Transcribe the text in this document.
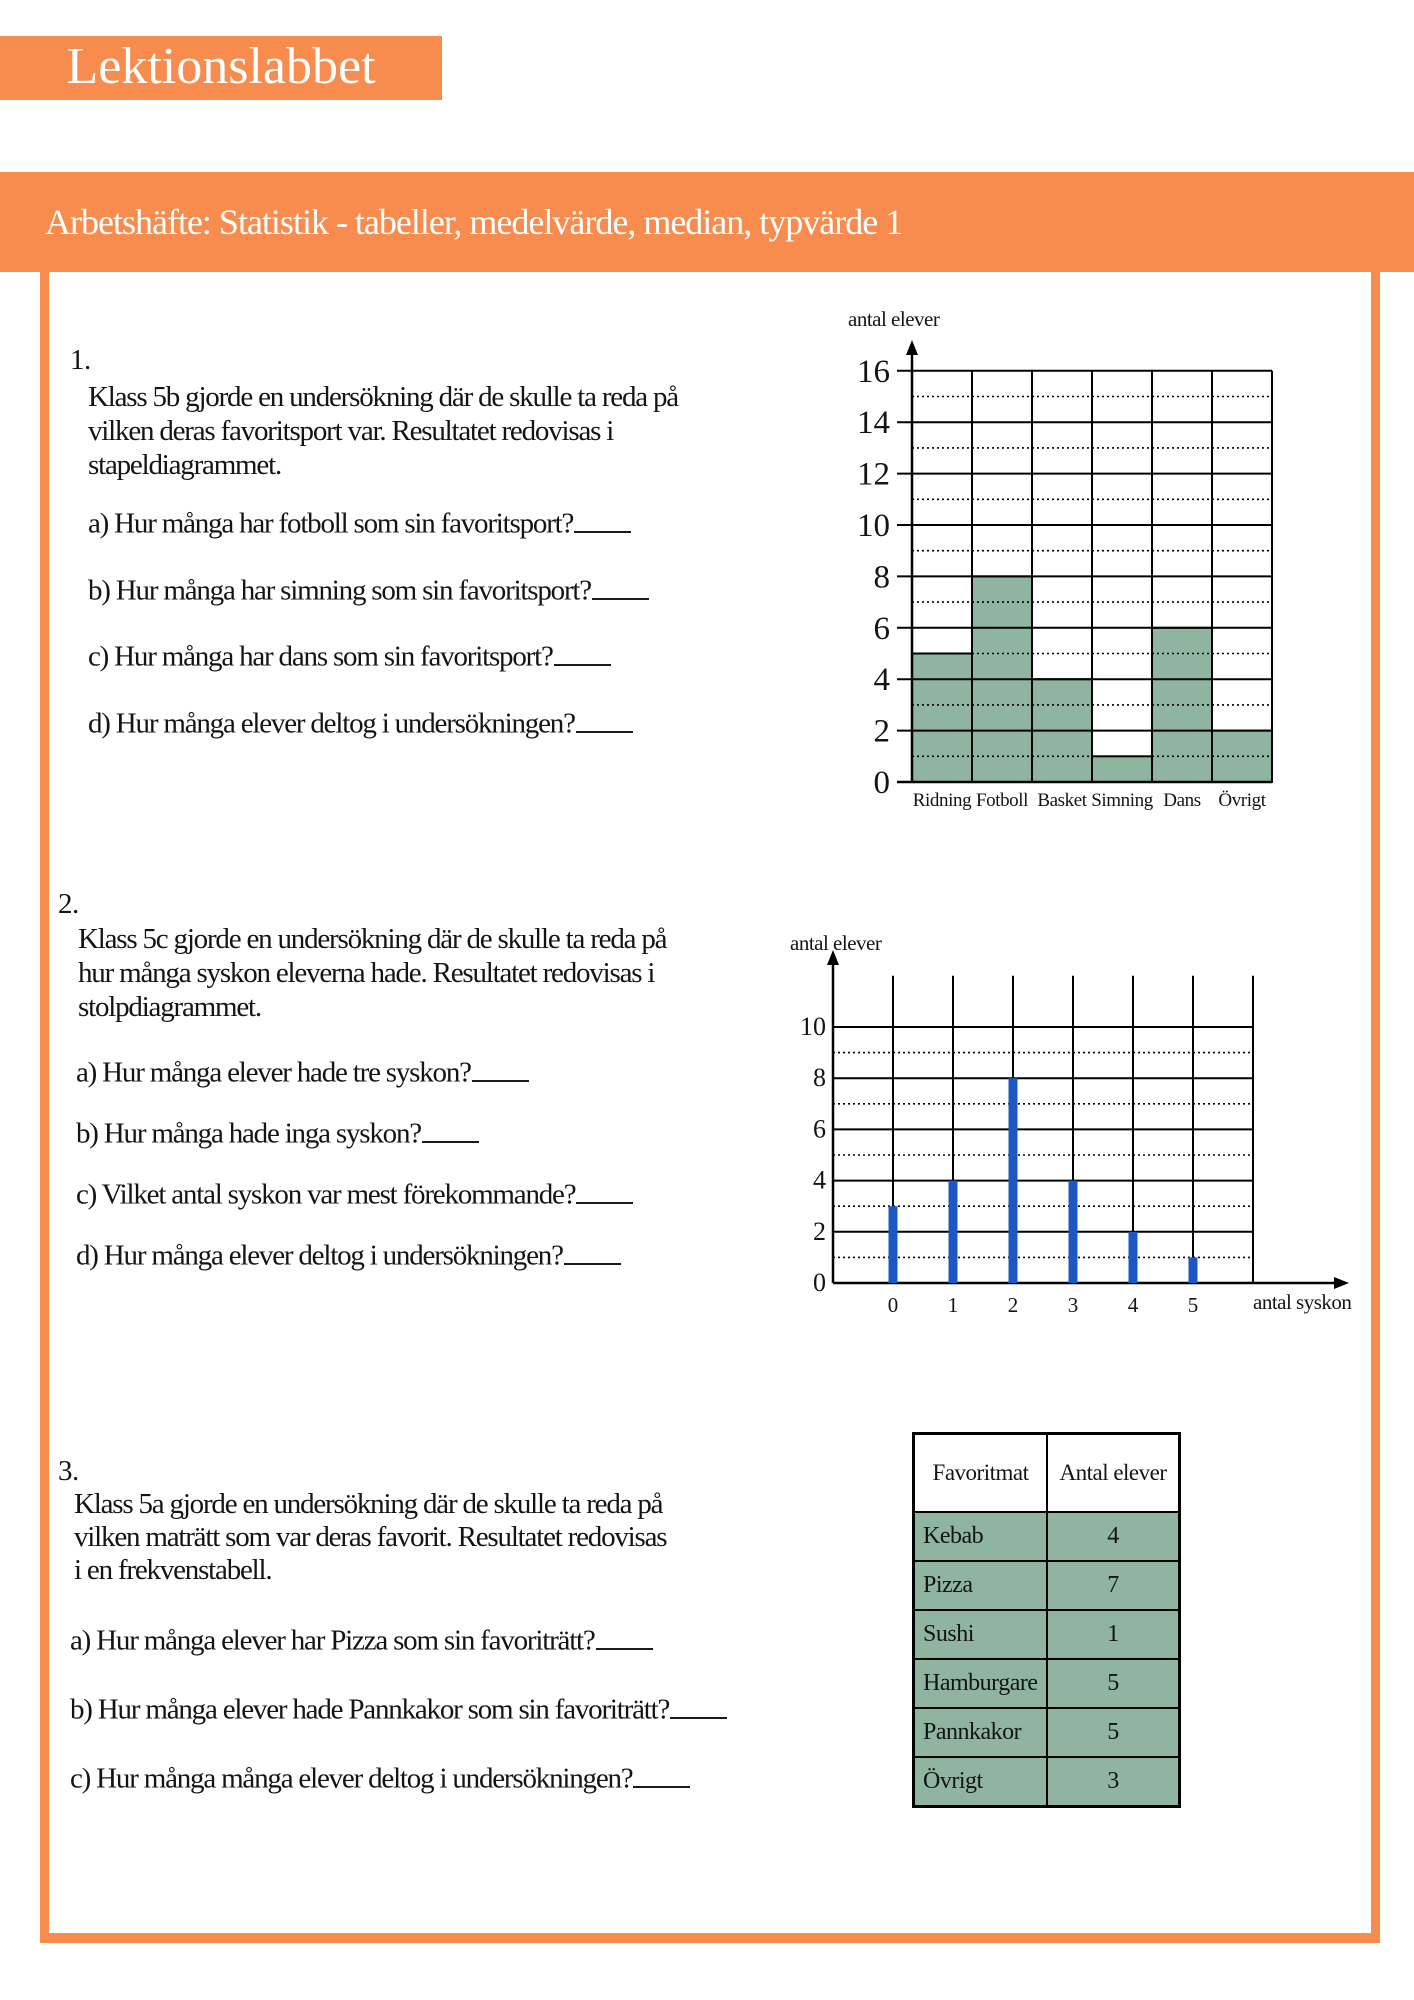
Lektionslabbet
Arbetshäfte: Statistik - tabeller, medelvärde, median, typvärde 1
1.
Klass 5b gjorde en undersökning där de skulle ta reda på
vilken deras favoritsport var. Resultatet redovisas i
stapeldiagrammet.
a) Hur många har fotboll som sin favoritsport?
b) Hur många har simning som sin favoritsport?
c) Hur många har dans som sin favoritsport?
d) Hur många elever deltog i undersökningen?
0
2
4
6
8
10
12
14
16
Ridning Fotboll Basket Simning Dans Övrigt
antal elever
2.
Klass 5c gjorde en undersökning där de skulle ta reda på
hur många syskon eleverna hade. Resultatet redovisas i
stolpdiagrammet.
a) Hur många elever hade tre syskon?
b) Hur många hade inga syskon?
c) Vilket antal syskon var mest förekommande?
d) Hur många elever deltog i undersökningen?
0
2
4
6
8
10
0 1 2 3 4 5
antal elever
antal syskon
3.
Klass 5a gjorde en undersökning där de skulle ta reda på
vilken maträtt som var deras favorit. Resultatet redovisas
i en frekvenstabell.
a) Hur många elever har Pizza som sin favoriträtt?
b) Hur många elever hade Pannkakor som sin favoriträtt?
c) Hur många många elever deltog i undersökningen?
Favoritmat	Antal elever
Kebab	4
Pizza	7
Sushi	1
Hamburgare	5
Pannkakor	5
Övrigt	3
